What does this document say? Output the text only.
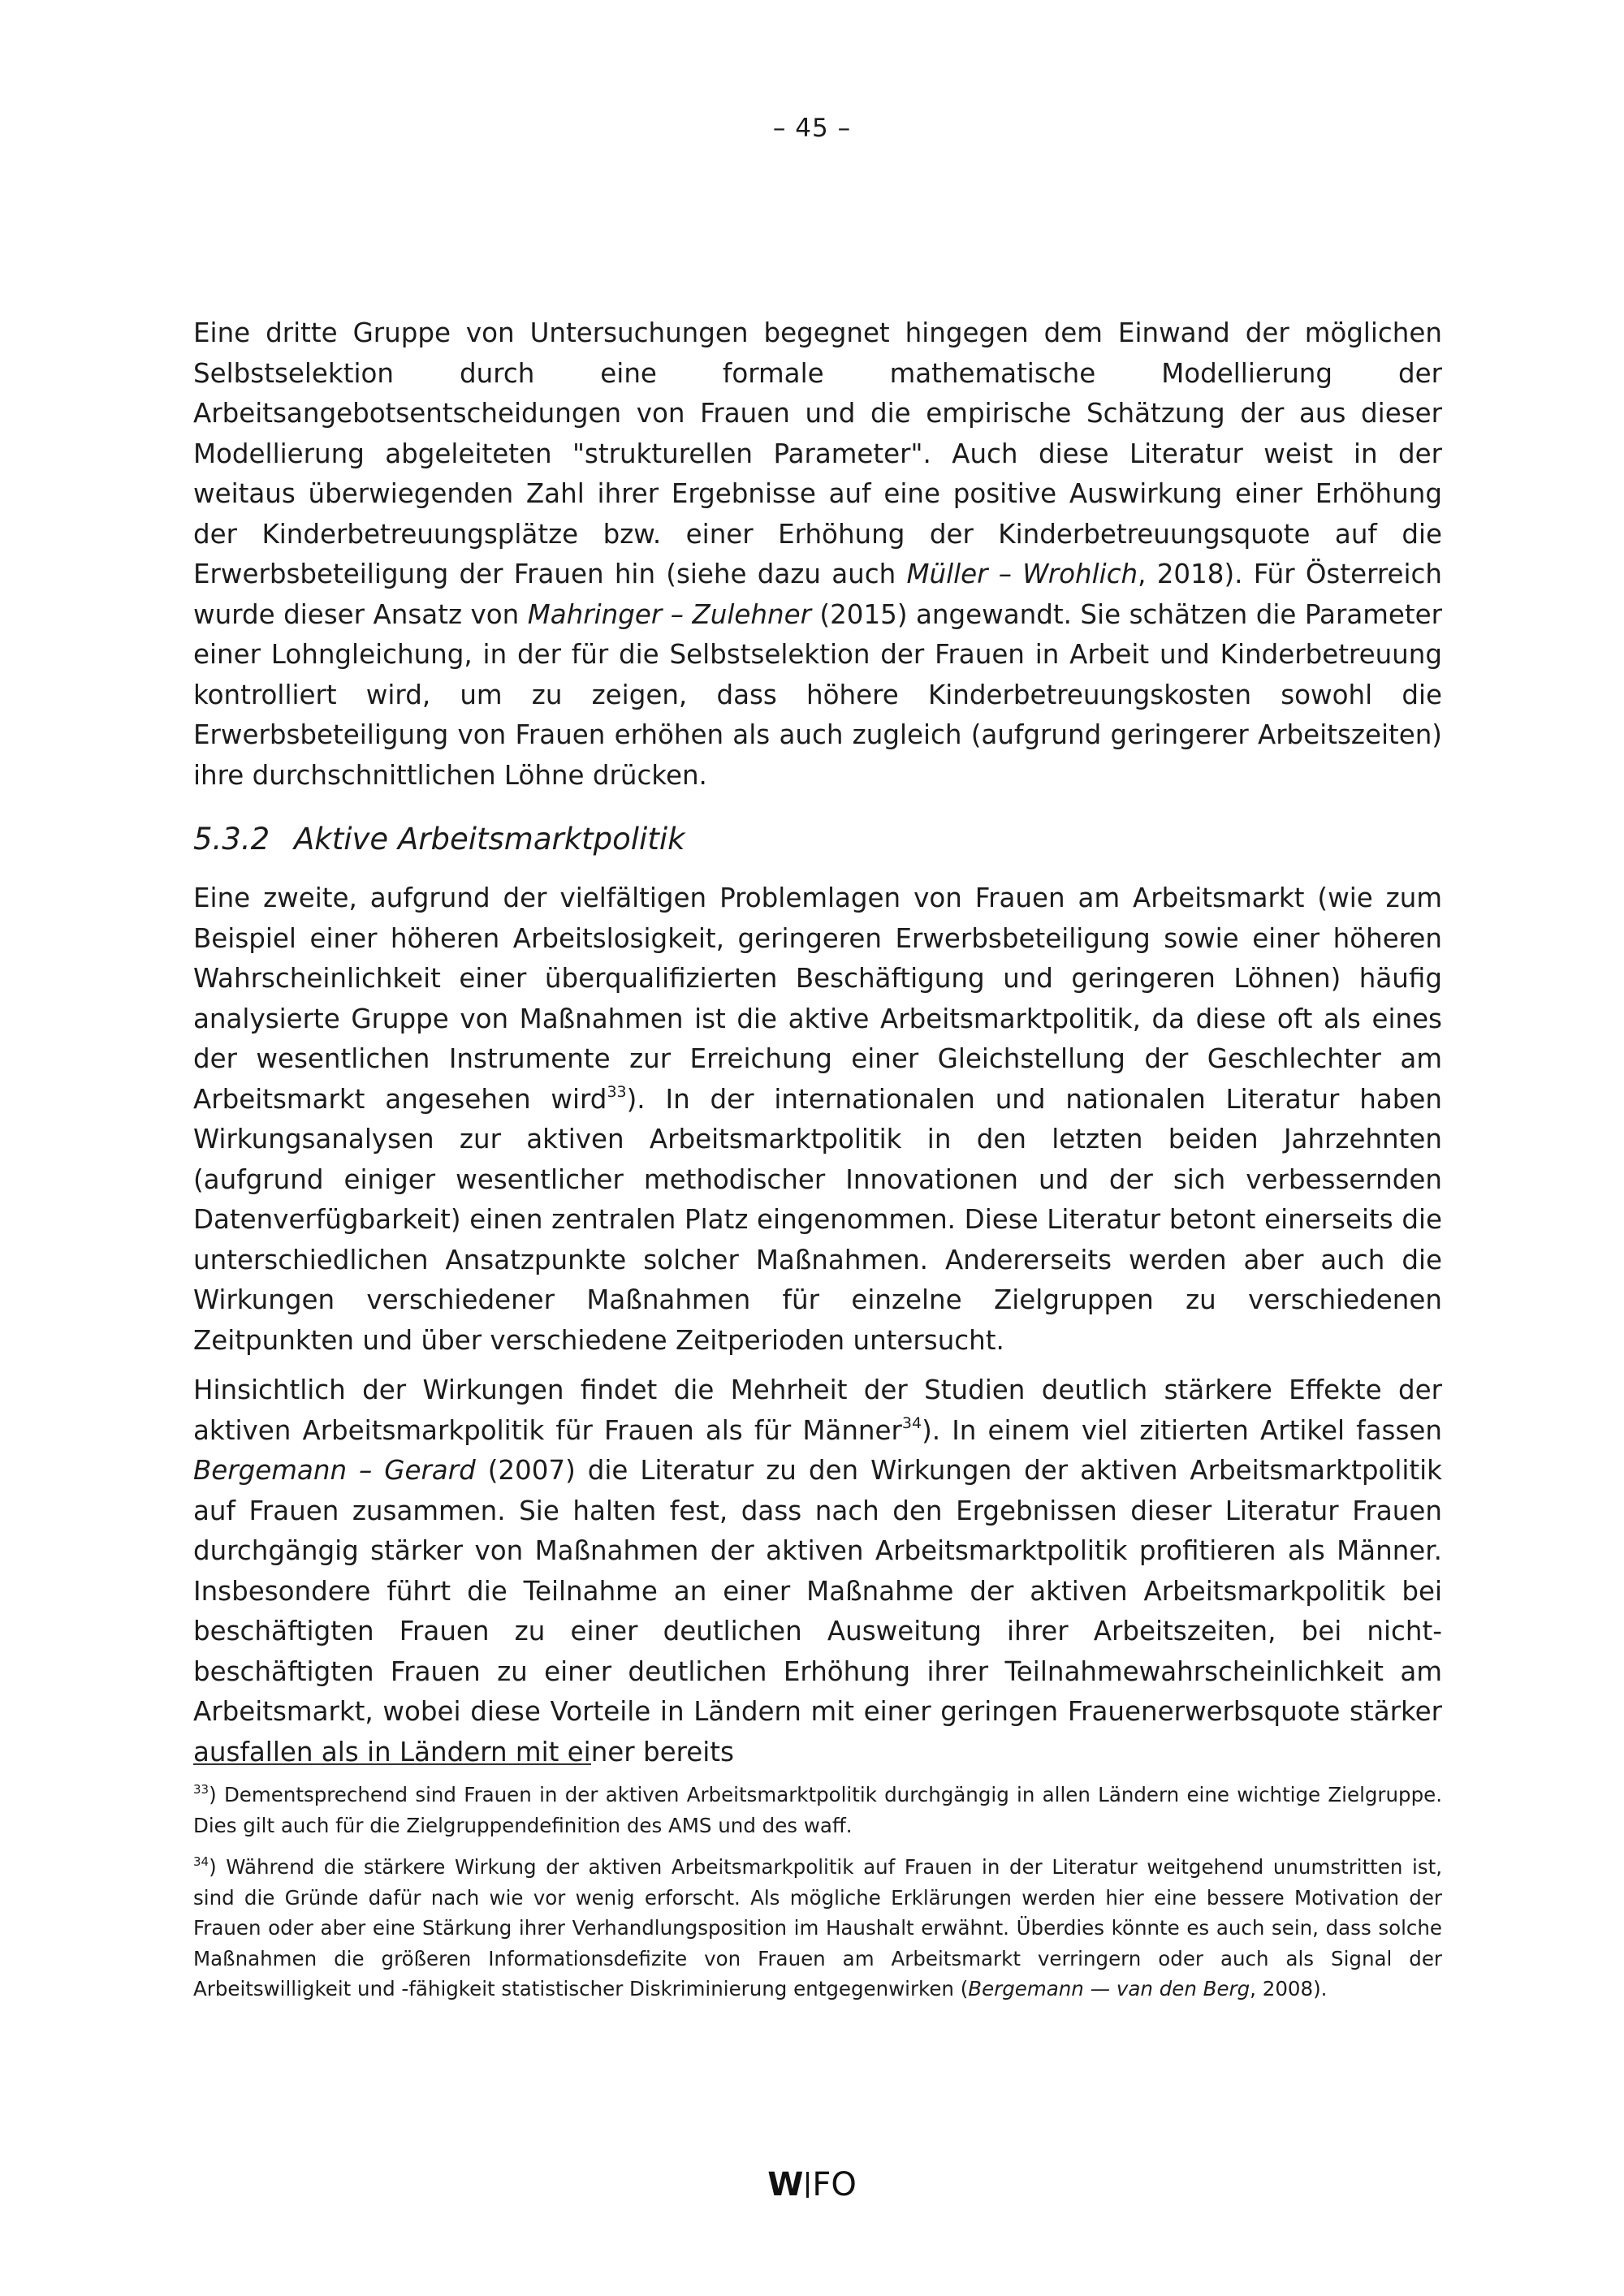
– 45 –

Eine dritte Gruppe von Untersuchungen begegnet hingegen dem Einwand der möglichen Selbstselektion durch eine formale mathematische Modellierung der Arbeitsangebotsentscheidungen von Frauen und die empirische Schätzung der aus dieser Modellierung abgeleiteten "strukturellen Parameter". Auch diese Literatur weist in der weitaus überwiegenden Zahl ihrer Ergebnisse auf eine positive Auswirkung einer Erhöhung der Kinderbetreuungsplätze bzw. einer Erhöhung der Kinderbetreuungsquote auf die Erwerbsbeteiligung der Frauen hin (siehe dazu auch Müller – Wrohlich, 2018). Für Österreich wurde dieser Ansatz von Mahringer – Zulehner (2015) angewandt. Sie schätzen die Parameter einer Lohngleichung, in der für die Selbstselektion der Frauen in Arbeit und Kinderbetreuung kontrolliert wird, um zu zeigen, dass höhere Kinderbetreuungskosten sowohl die Erwerbsbeteiligung von Frauen erhöhen als auch zugleich (aufgrund geringerer Arbeitszeiten) ihre durchschnittlichen Löhne drücken.

5.3.2 Aktive Arbeitsmarktpolitik

Eine zweite, aufgrund der vielfältigen Problemlagen von Frauen am Arbeitsmarkt (wie zum Beispiel einer höheren Arbeitslosigkeit, geringeren Erwerbsbeteiligung sowie einer höheren Wahrscheinlichkeit einer überqualifizierten Beschäftigung und geringeren Löhnen) häufig analysierte Gruppe von Maßnahmen ist die aktive Arbeitsmarktpolitik, da diese oft als eines der wesentlichen Instrumente zur Erreichung einer Gleichstellung der Geschlechter am Arbeitsmarkt angesehen wird$^{33}$). In der internationalen und nationalen Literatur haben Wirkungsanalysen zur aktiven Arbeitsmarktpolitik in den letzten beiden Jahrzehnten (aufgrund einiger wesentlicher methodischer Innovationen und der sich verbessernden Datenverfügbarkeit) einen zentralen Platz eingenommen. Diese Literatur betont einerseits die unterschiedlichen Ansatzpunkte solcher Maßnahmen. Andererseits werden aber auch die Wirkungen verschiedener Maßnahmen für einzelne Zielgruppen zu verschiedenen Zeitpunkten und über verschiedene Zeitperioden untersucht.

Hinsichtlich der Wirkungen findet die Mehrheit der Studien deutlich stärkere Effekte der aktiven Arbeitsmarkpolitik für Frauen als für Männer$^{34}$). In einem viel zitierten Artikel fassen Bergemann – Gerard (2007) die Literatur zu den Wirkungen der aktiven Arbeitsmarktpolitik auf Frauen zusammen. Sie halten fest, dass nach den Ergebnissen dieser Literatur Frauen durchgängig stärker von Maßnahmen der aktiven Arbeitsmarktpolitik profitieren als Männer. Insbesondere führt die Teilnahme an einer Maßnahme der aktiven Arbeitsmarkpolitik bei beschäftigten Frauen zu einer deutlichen Ausweitung ihrer Arbeitszeiten, bei nicht-beschäftigten Frauen zu einer deutlichen Erhöhung ihrer Teilnahmewahrscheinlichkeit am Arbeitsmarkt, wobei diese Vorteile in Ländern mit einer geringen Frauenerwerbsquote stärker ausfallen als in Ländern mit einer bereits

$^{33}$) Dementsprechend sind Frauen in der aktiven Arbeitsmarktpolitik durchgängig in allen Ländern eine wichtige Zielgruppe. Dies gilt auch für die Zielgruppendefinition des AMS und des waff.

$^{34}$) Während die stärkere Wirkung der aktiven Arbeitsmarkpolitik auf Frauen in der Literatur weitgehend unumstritten ist, sind die Gründe dafür nach wie vor wenig erforscht. Als mögliche Erklärungen werden hier eine bessere Motivation der Frauen oder aber eine Stärkung ihrer Verhandlungsposition im Haushalt erwähnt. Überdies könnte es auch sein, dass solche Maßnahmen die größeren Informationsdefizite von Frauen am Arbeitsmarkt verringern oder auch als Signal der Arbeitswilligkeit und -fähigkeit statistischer Diskriminierung entgegenwirken (Bergemann — van den Berg, 2008).

W FO
